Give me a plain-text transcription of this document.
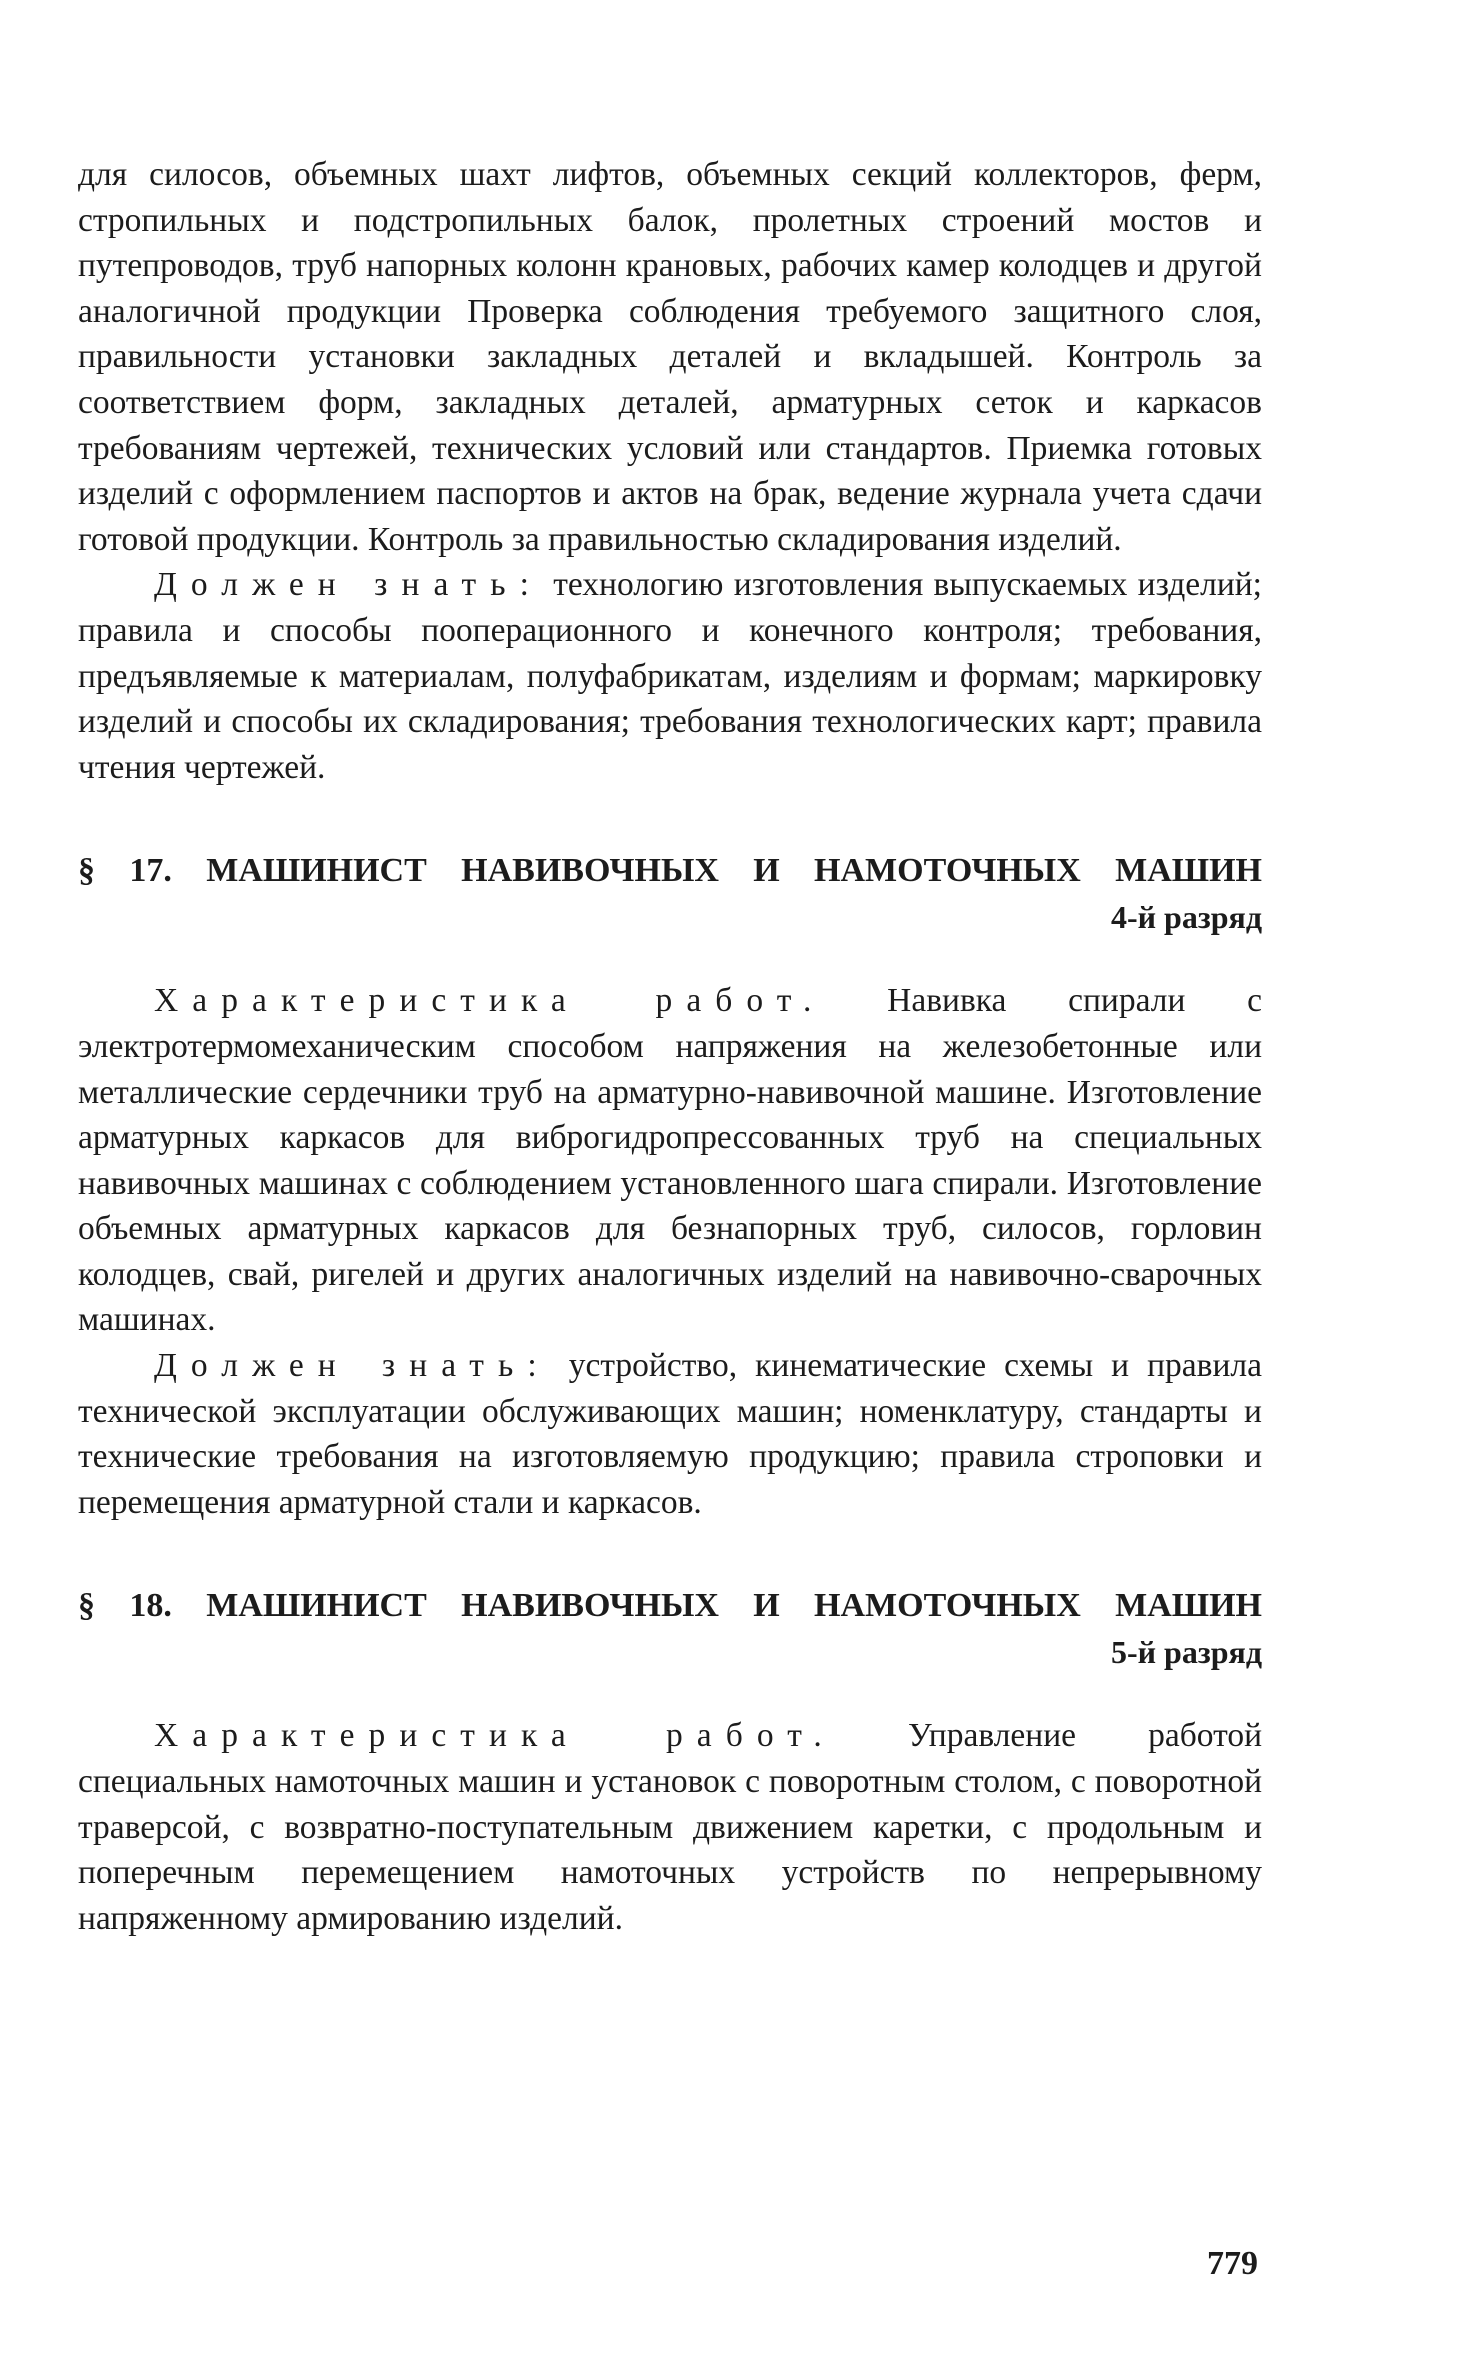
для силосов, объемных шахт лифтов, объемных секций коллекторов, ферм, стропильных и подстропильных балок, пролетных строений мостов и путепроводов, труб напорных колонн крановых, рабочих камер колодцев и другой аналогичной продукции Проверка соблюдения требуемого защитного слоя, правильности установки закладных деталей и вкладышей. Контроль за соответствием форм, закладных деталей, арматурных сеток и каркасов требованиям чертежей, технических условий или стандартов. Приемка готовых изделий с оформлением паспортов и актов на брак, ведение журнала учета сдачи готовой продукции. Контроль за правильностью складирования изделий.

Должен знать: технологию изготовления выпускаемых изделий; правила и способы пооперационного и конечного контроля; требования, предъявляемые к материалам, полуфабрикатам, изделиям и формам; маркировку изделий и способы их складирования; требования технологических карт; правила чтения чертежей.

§ 17. МАШИНИСТ НАВИВОЧНЫХ И НАМОТОЧНЫХ МАШИН
4-й разряд

Характеристика работ. Навивка спирали с электротермомеханическим способом напряжения на железобетонные или металлические сердечники труб на арматурно-навивочной машине. Изготовление арматурных каркасов для виброгидропрессованных труб на специальных навивочных машинах с соблюдением установленного шага спирали. Изготовление объемных арматурных каркасов для безнапорных труб, силосов, горловин колодцев, свай, ригелей и других аналогичных изделий на навивочно-сварочных машинах.

Должен знать: устройство, кинематические схемы и правила технической эксплуатации обслуживающих машин; номенклатуру, стандарты и технические требования на изготовляемую продукцию; правила строповки и перемещения арматурной стали и каркасов.

§ 18. МАШИНИСТ НАВИВОЧНЫХ И НАМОТОЧНЫХ МАШИН
5-й разряд

Характеристика работ. Управление работой специальных намоточных машин и установок с поворотным столом, с поворотной траверсой, с возвратно-поступательным движением каретки, с продольным и поперечным перемещением намоточных устройств по непрерывному напряженному армированию изделий.

779
